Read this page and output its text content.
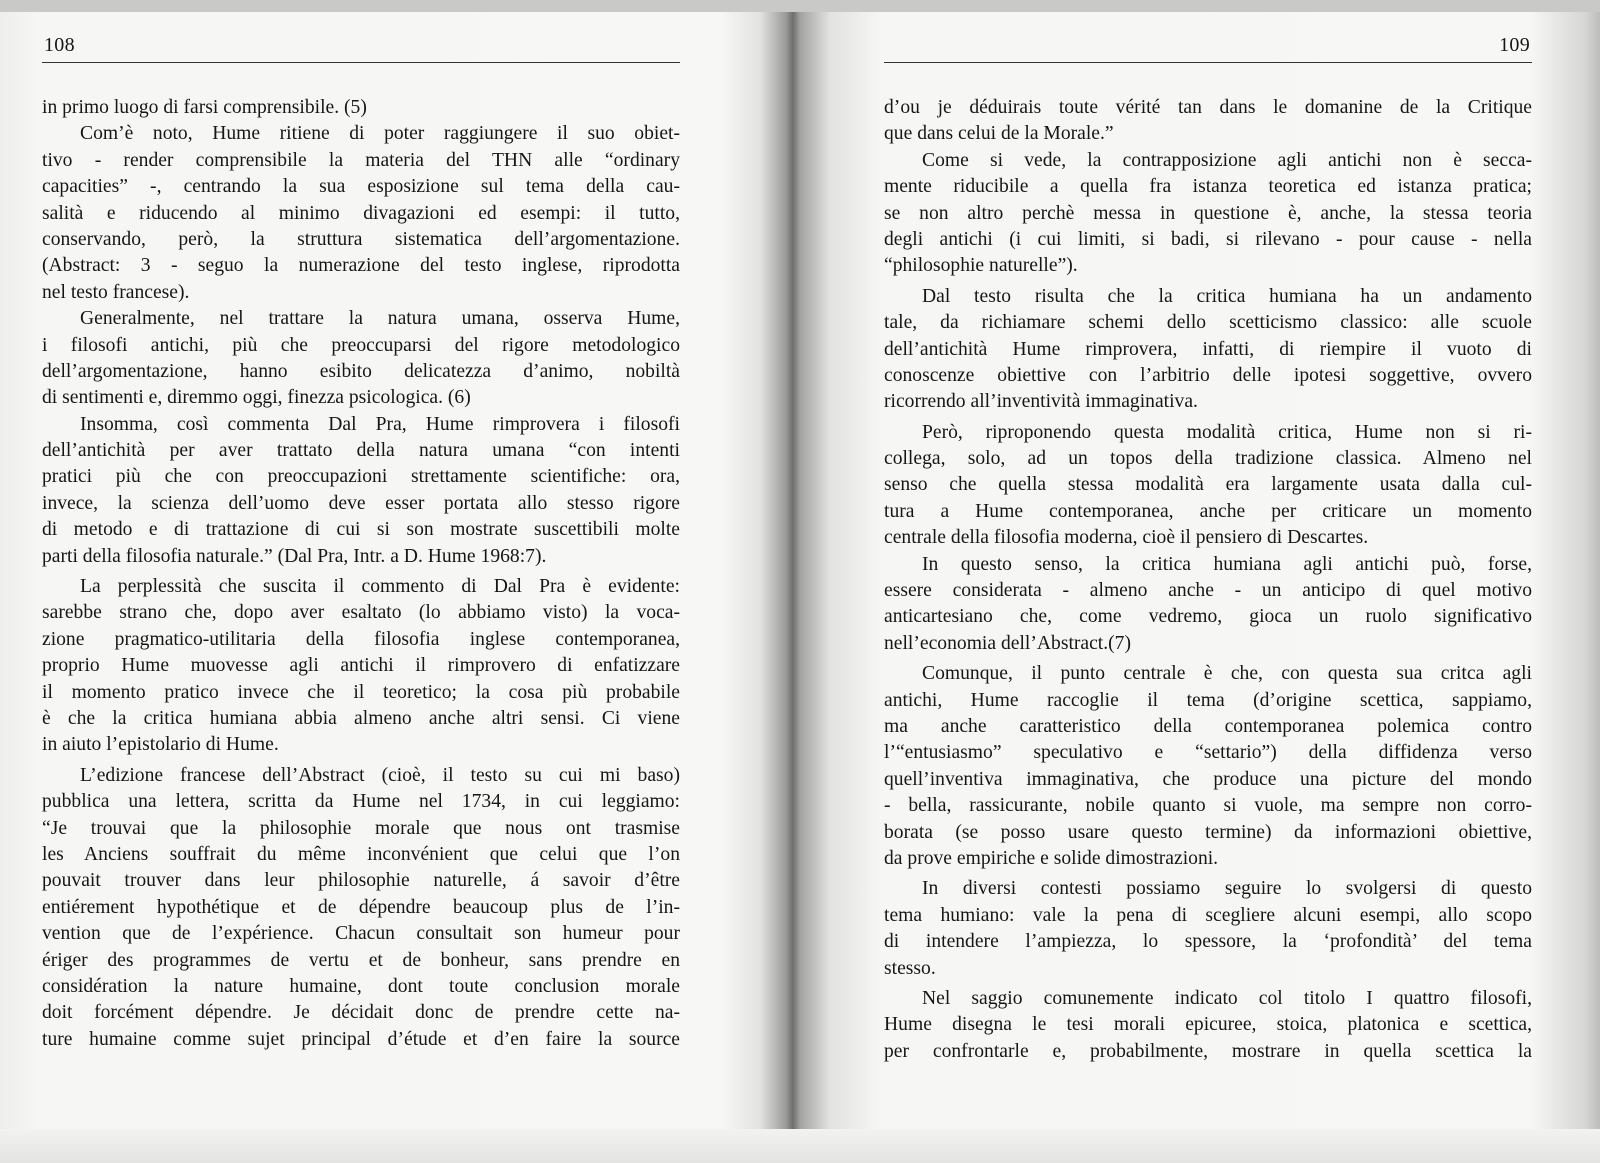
108
in primo luogo di farsi comprensibile. (5)
Com’è noto, Hume ritiene di poter raggiungere il suo obiet-
tivo - render comprensibile la materia del THN alle “ordinary
capacities” -, centrando la sua esposizione sul tema della cau-
salità e riducendo al minimo divagazioni ed esempi: il tutto,
conservando, però, la struttura sistematica dell’argomentazione.
(Abstract: 3 - seguo la numerazione del testo inglese, riprodotta
nel testo francese).
Generalmente, nel trattare la natura umana, osserva Hume,
i filosofi antichi, più che preoccuparsi del rigore metodologico
dell’argomentazione, hanno esibito delicatezza d’animo, nobiltà
di sentimenti e, diremmo oggi, finezza psicologica. (6)
Insomma, così commenta Dal Pra, Hume rimprovera i filosofi
dell’antichità per aver trattato della natura umana “con intenti
pratici più che con preoccupazioni strettamente scientifiche: ora,
invece, la scienza dell’uomo deve esser portata allo stesso rigore
di metodo e di trattazione di cui si son mostrate suscettibili molte
parti della filosofia naturale.” (Dal Pra, Intr. a D. Hume 1968:7).
La perplessità che suscita il commento di Dal Pra è evidente:
sarebbe strano che, dopo aver esaltato (lo abbiamo visto) la voca-
zione pragmatico-utilitaria della filosofia inglese contemporanea,
proprio Hume muovesse agli antichi il rimprovero di enfatizzare
il momento pratico invece che il teoretico; la cosa più probabile
è che la critica humiana abbia almeno anche altri sensi. Ci viene
in aiuto l’epistolario di Hume.
L’edizione francese dell’Abstract (cioè, il testo su cui mi baso)
pubblica una lettera, scritta da Hume nel 1734, in cui leggiamo:
“Je trouvai que la philosophie morale que nous ont trasmise
les Anciens souffrait du même inconvénient que celui que l’on
pouvait trouver dans leur philosophie naturelle, á savoir d’être
entiérement hypothétique et de dépendre beaucoup plus de l’in-
vention que de l’expérience. Chacun consultait son humeur pour
ériger des programmes de vertu et de bonheur, sans prendre en
considération la nature humaine, dont toute conclusion morale
doit forcément dépendre. Je décidait donc de prendre cette na-
ture humaine comme sujet principal d’étude et d’en faire la source
109
d’ou je déduirais toute vérité tan dans le domanine de la Critique
que dans celui de la Morale.”
Come si vede, la contrapposizione agli antichi non è secca-
mente riducibile a quella fra istanza teoretica ed istanza pratica;
se non altro perchè messa in questione è, anche, la stessa teoria
degli antichi (i cui limiti, si badi, si rilevano - pour cause - nella
“philosophie naturelle”).
Dal testo risulta che la critica humiana ha un andamento
tale, da richiamare schemi dello scetticismo classico: alle scuole
dell’antichità Hume rimprovera, infatti, di riempire il vuoto di
conoscenze obiettive con l’arbitrio delle ipotesi soggettive, ovvero
ricorrendo all’inventività immaginativa.
Però, riproponendo questa modalità critica, Hume non si ri-
collega, solo, ad un topos della tradizione classica. Almeno nel
senso che quella stessa modalità era largamente usata dalla cul-
tura a Hume contemporanea, anche per criticare un momento
centrale della filosofia moderna, cioè il pensiero di Descartes.
In questo senso, la critica humiana agli antichi può, forse,
essere considerata - almeno anche - un anticipo di quel motivo
anticartesiano che, come vedremo, gioca un ruolo significativo
nell’economia dell’Abstract.(7)
Comunque, il punto centrale è che, con questa sua critca agli
antichi, Hume raccoglie il tema (d’origine scettica, sappiamo,
ma anche caratteristico della contemporanea polemica contro
l’“entusiasmo” speculativo e “settario”) della diffidenza verso
quell’inventiva immaginativa, che produce una picture del mondo
- bella, rassicurante, nobile quanto si vuole, ma sempre non corro-
borata (se posso usare questo termine) da informazioni obiettive,
da prove empiriche e solide dimostrazioni.
In diversi contesti possiamo seguire lo svolgersi di questo
tema humiano: vale la pena di scegliere alcuni esempi, allo scopo
di intendere l’ampiezza, lo spessore, la ‘profondità’ del tema
stesso.
Nel saggio comunemente indicato col titolo I quattro filosofi,
Hume disegna le tesi morali epicuree, stoica, platonica e scettica,
per confrontarle e, probabilmente, mostrare in quella scettica la
